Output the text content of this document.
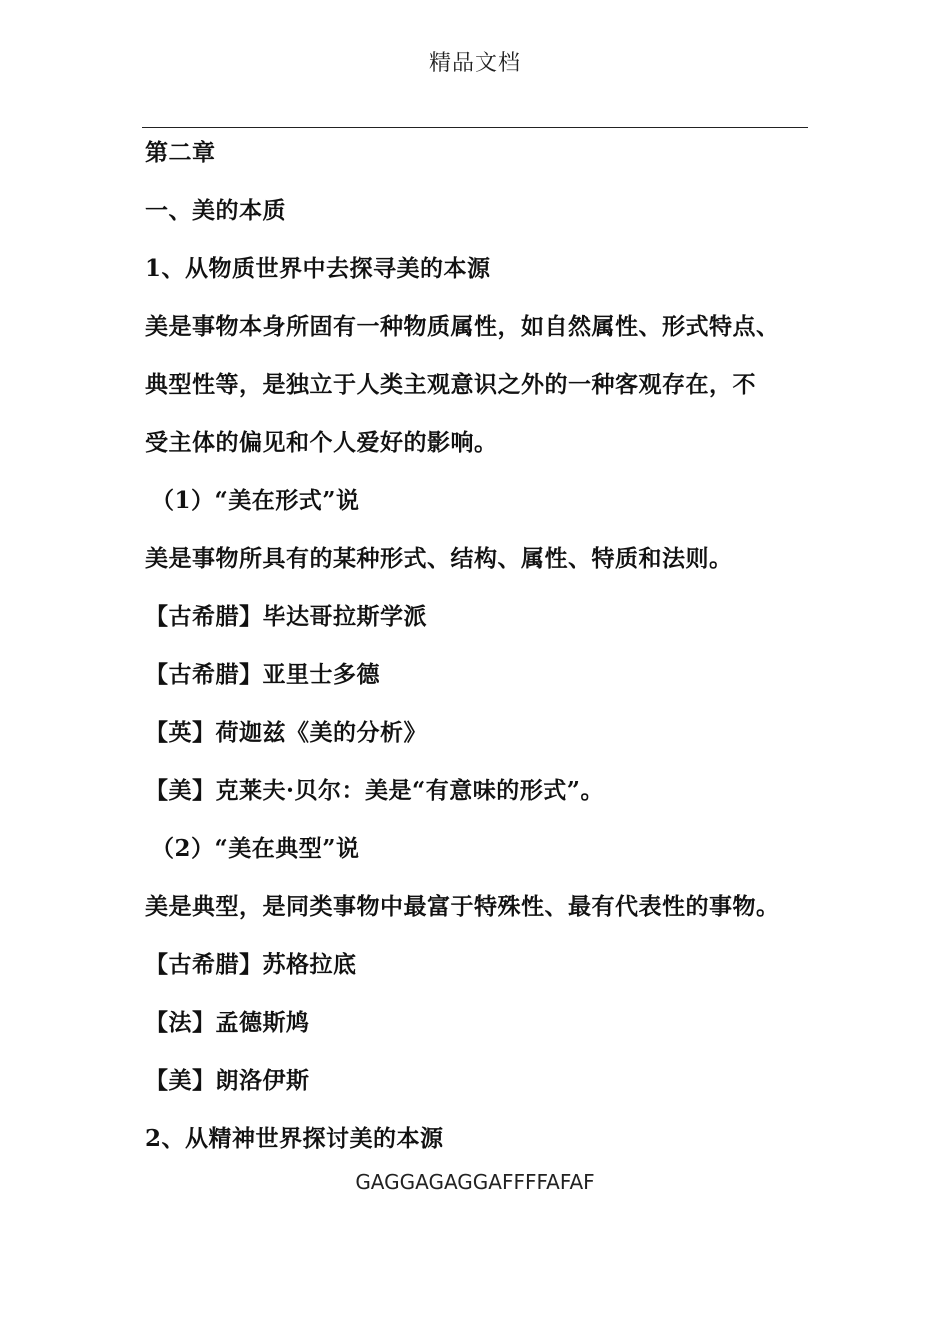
精品文档
第二章
一、美的本质
1、从物质世界中去探寻美的本源
美是事物本身所固有一种物质属性，如自然属性、形式特点、
典型性等，是独立于人类主观意识之外的一种客观存在，不
受主体的偏见和个人爱好的影响。
（1）“美在形式”说
美是事物所具有的某种形式、结构、属性、特质和法则。
【古希腊】毕达哥拉斯学派
【古希腊】亚里士多德
【英】荷迦兹《美的分析》
【美】克莱夫·贝尔：美是“有意味的形式”。
（2）“美在典型”说
美是典型，是同类事物中最富于特殊性、最有代表性的事物。
【古希腊】苏格拉底
【法】孟德斯鸠
【美】朗洛伊斯
2、从精神世界探讨美的本源
GAGGAGAGGAFFFFAFAF
